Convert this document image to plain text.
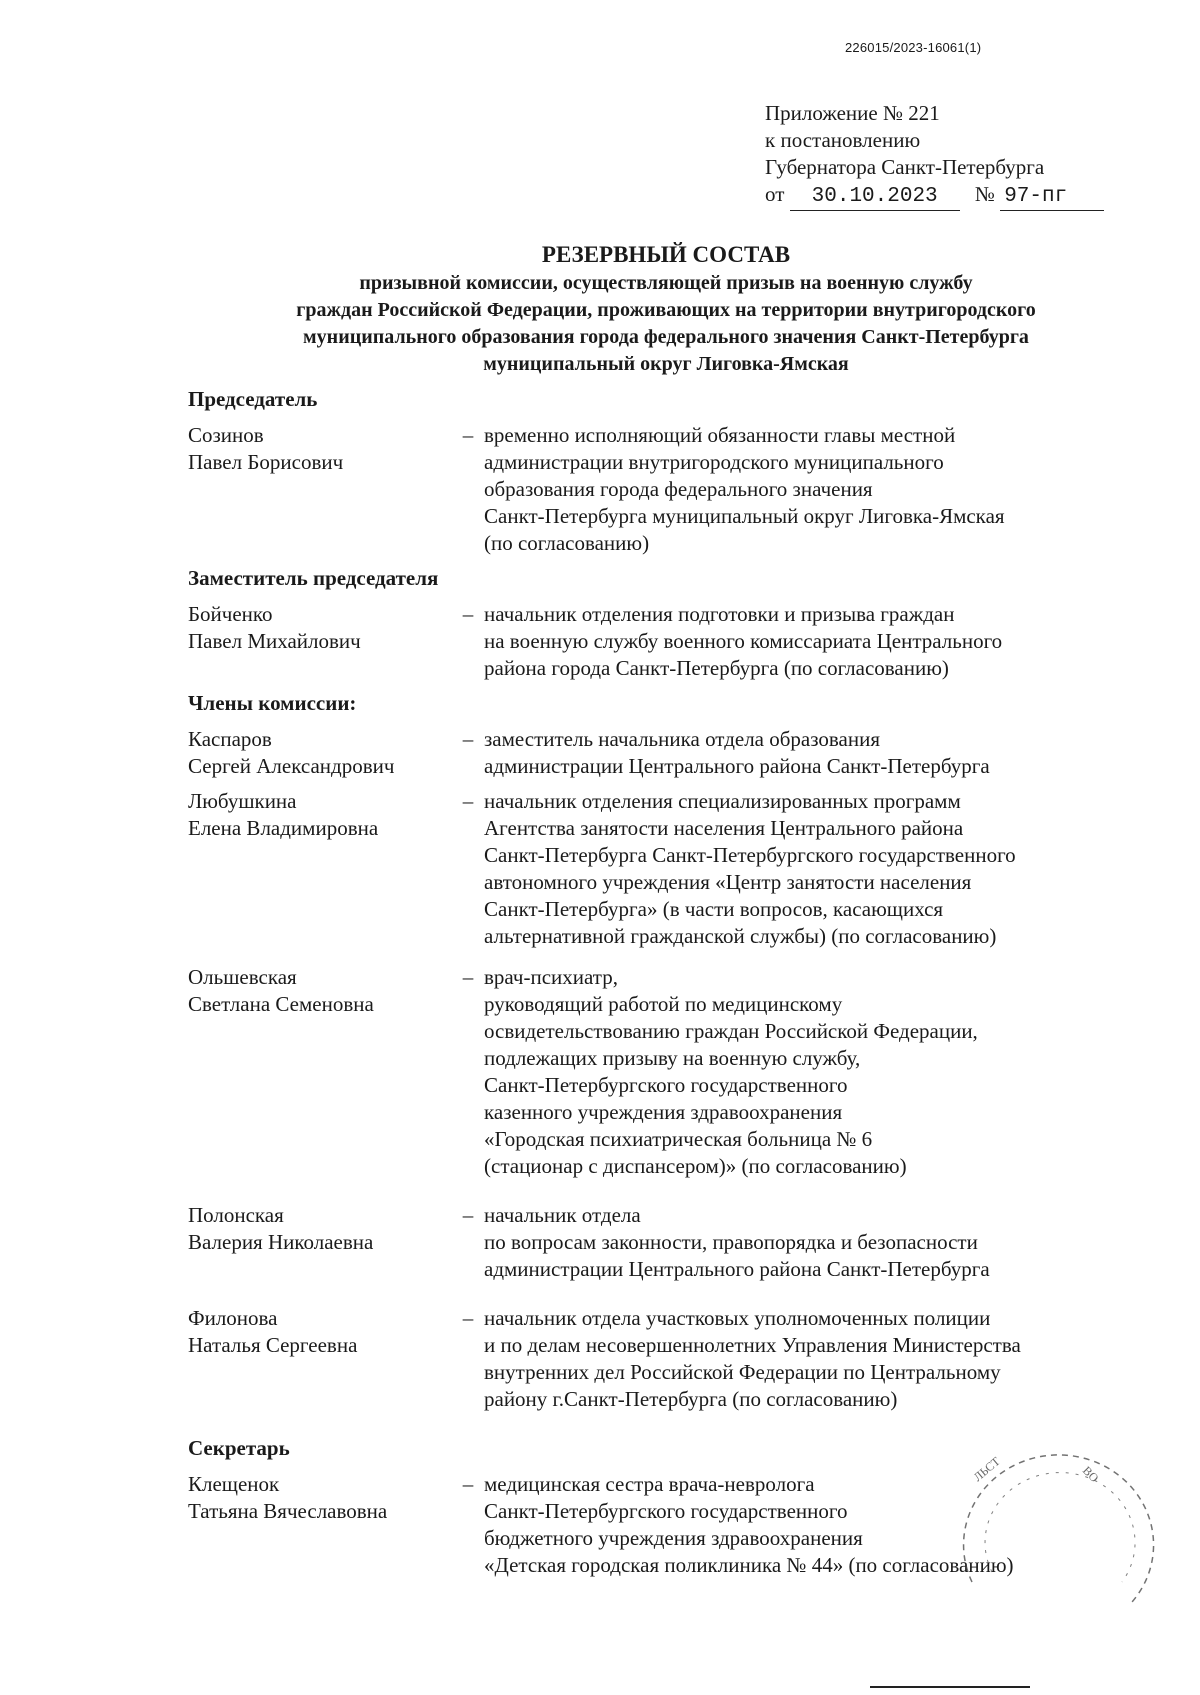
226015/2023-16061(1)
Приложение № 221
к постановлению
Губернатора Санкт-Петербурга
от 30.10.2023 № 97-пг
РЕЗЕРВНЫЙ СОСТАВ
призывной комиссии, осуществляющей призыв на военную службу
граждан Российской Федерации, проживающих на территории внутригородского
муниципального образования города федерального значения Санкт-Петербурга
муниципальный округ Лиговка-Ямская
Председатель
Созинов
Павел Борисович
– временно исполняющий обязанности главы местной
администрации внутригородского муниципального
образования города федерального значения
Санкт-Петербурга муниципальный округ Лиговка-Ямская
(по согласованию)
Заместитель председателя
Бойченко
Павел Михайлович
– начальник отделения подготовки и призыва граждан
на военную службу военного комиссариата Центрального
района города Санкт-Петербурга (по согласованию)
Члены комиссии:
Каспаров
Сергей Александрович
– заместитель начальника отдела образования
администрации Центрального района Санкт-Петербурга
Любушкина
Елена Владимировна
– начальник отделения специализированных программ
Агентства занятости населения Центрального района
Санкт-Петербурга Санкт-Петербургского государственного
автономного учреждения «Центр занятости населения
Санкт-Петербурга» (в части вопросов, касающихся
альтернативной гражданской службы) (по согласованию)
Ольшевская
Светлана Семеновна
– врач-психиатр,
руководящий работой по медицинскому
освидетельствованию граждан Российской Федерации,
подлежащих призыву на военную службу,
Санкт-Петербургского государственного
казенного учреждения здравоохранения
«Городская психиатрическая больница № 6
(стационар с диспансером)» (по согласованию)
Полонская
Валерия Николаевна
– начальник отдела
по вопросам законности, правопорядка и безопасности
администрации Центрального района Санкт-Петербурга
Филонова
Наталья Сергеевна
– начальник отдела участковых уполномоченных полиции
и по делам несовершеннолетних Управления Министерства
внутренних дел Российской Федерации по Центральному
району г.Санкт-Петербурга (по согласованию)
Секретарь
Клещенок
Татьяна Вячеславовна
– медицинская сестра врача-невролога
Санкт-Петербургского государственного
бюджетного учреждения здравоохранения
«Детская городская поликлиника № 44» (по согласованию)
ЛЬСТ	ВО
